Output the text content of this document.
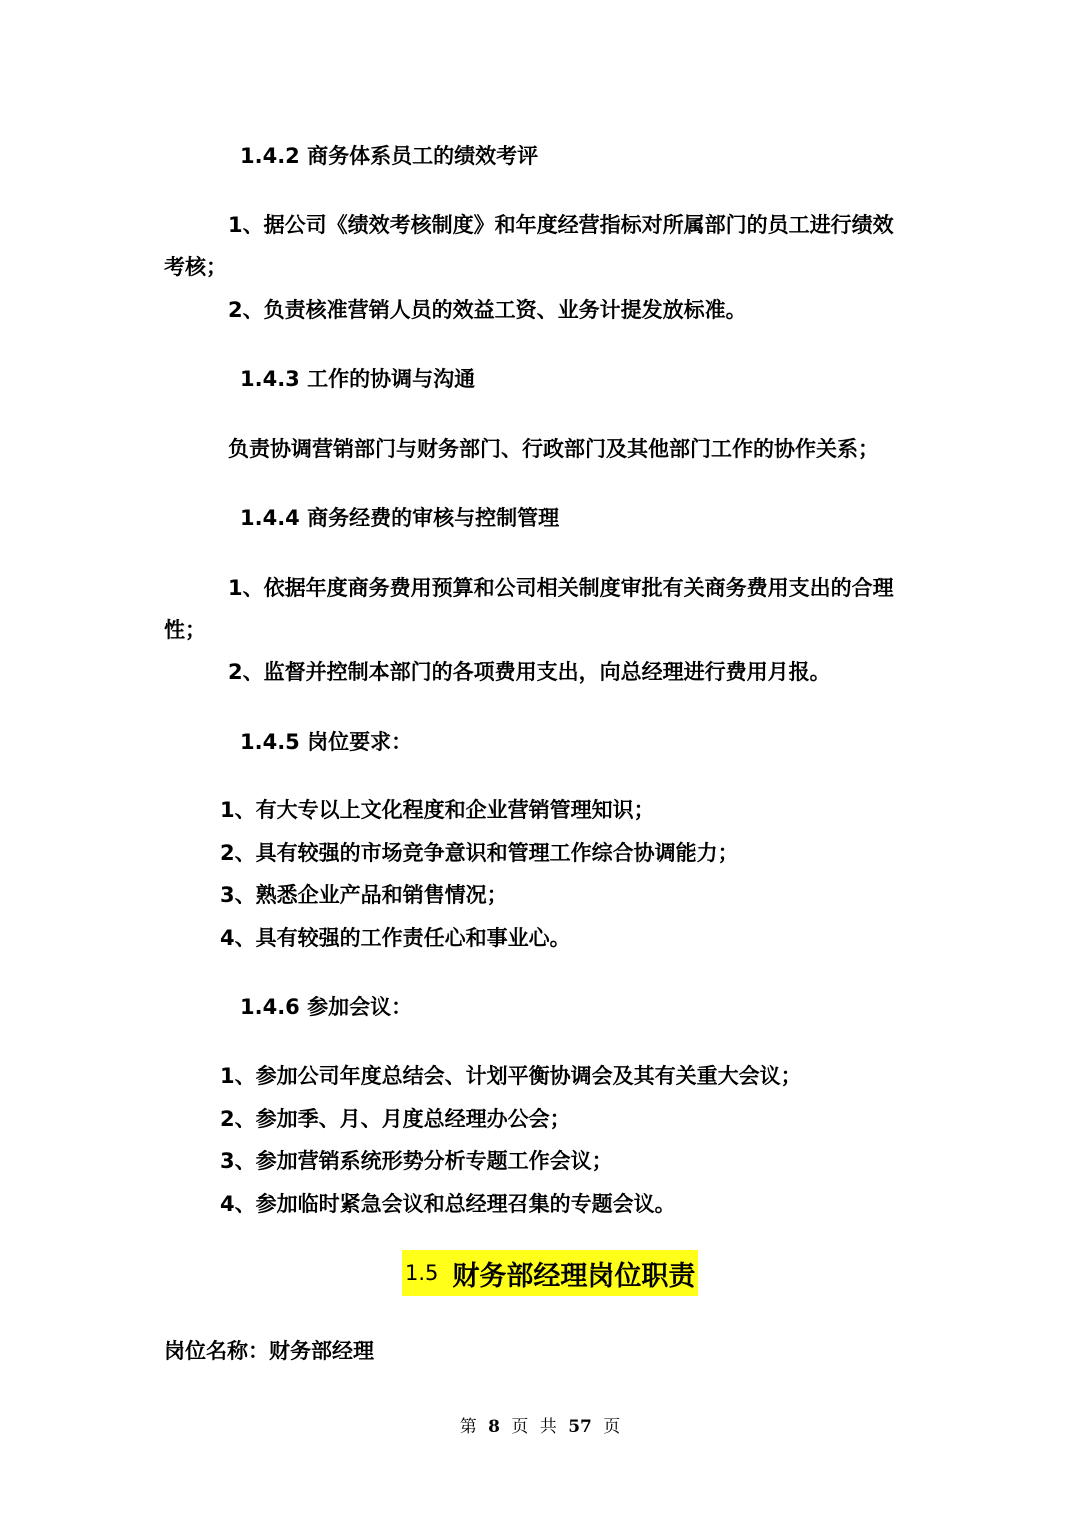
1.4.2 商务体系员工的绩效考评
1、据公司《绩效考核制度》和年度经营指标对所属部门的员工进行绩效
考核；
2、负责核准营销人员的效益工资、业务计提发放标准。
1.4.3 工作的协调与沟通
负责协调营销部门与财务部门、行政部门及其他部门工作的协作关系；
1.4.4 商务经费的审核与控制管理
1、依据年度商务费用预算和公司相关制度审批有关商务费用支出的合理
性；
2、监督并控制本部门的各项费用支出，向总经理进行费用月报。
1.4.5 岗位要求：
1、有大专以上文化程度和企业营销管理知识；
2、具有较强的市场竞争意识和管理工作综合协调能力；
3、熟悉企业产品和销售情况；
4、具有较强的工作责任心和事业心。
1.4.6 参加会议：
1、参加公司年度总结会、计划平衡协调会及其有关重大会议；
2、参加季、月、月度总经理办公会；
3、参加营销系统形势分析专题工作会议；
4、参加临时紧急会议和总经理召集的专题会议。
1.5 财务部经理岗位职责
岗位名称：财务部经理
第 8 页 共 57 页
